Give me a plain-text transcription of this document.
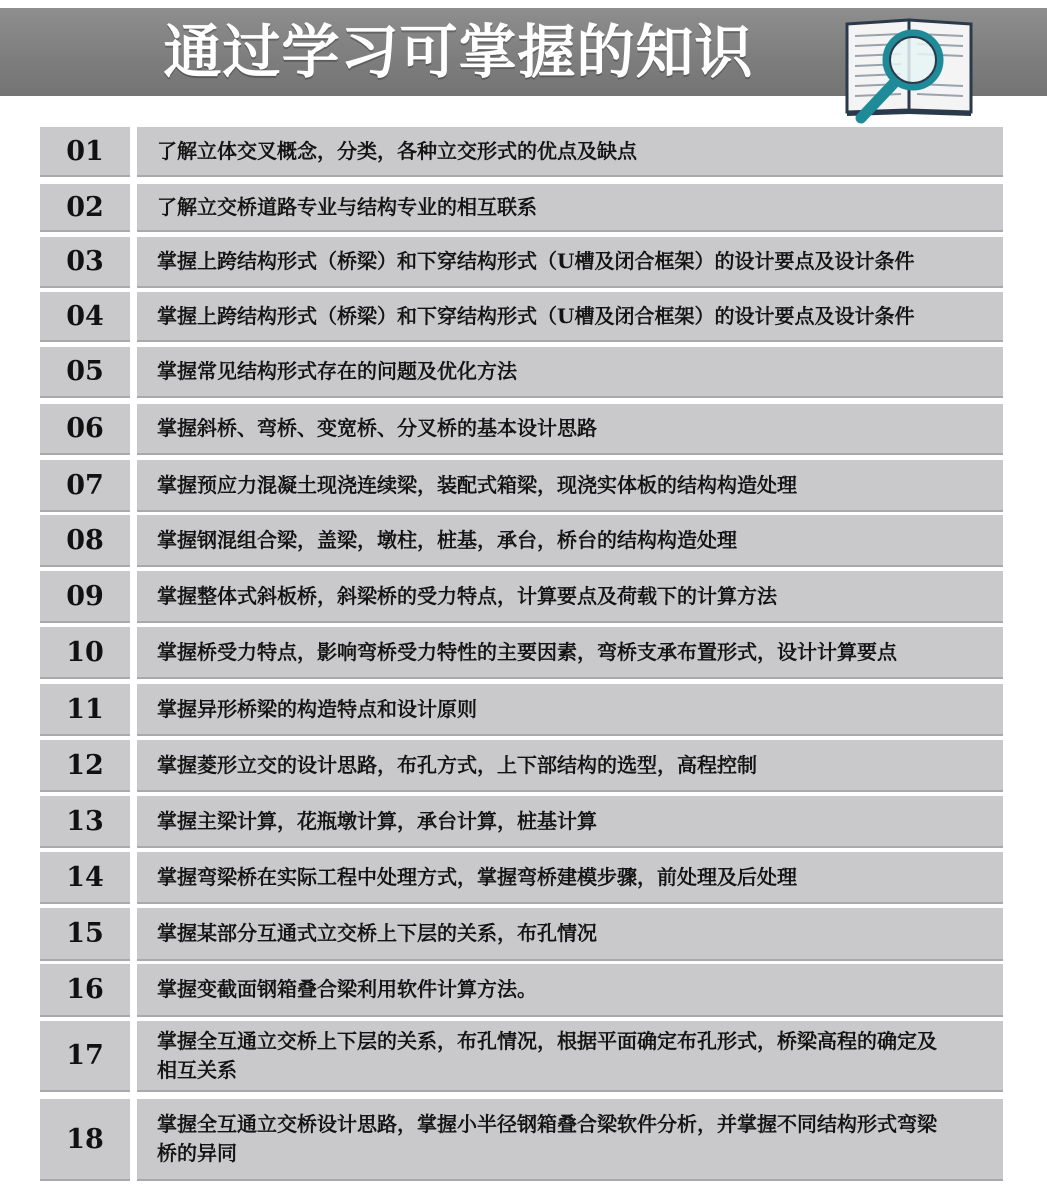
通过学习可掌握的知识
01	了解立体交叉概念，分类，各种立交形式的优点及缺点
02	了解立交桥道路专业与结构专业的相互联系
03	掌握上跨结构形式（桥梁）和下穿结构形式（U槽及闭合框架）的设计要点及设计条件
04	掌握上跨结构形式（桥梁）和下穿结构形式（U槽及闭合框架）的设计要点及设计条件
05	掌握常见结构形式存在的问题及优化方法
06	掌握斜桥、弯桥、变宽桥、分叉桥的基本设计思路
07	掌握预应力混凝土现浇连续梁，装配式箱梁，现浇实体板的结构构造处理
08	掌握钢混组合梁，盖梁，墩柱，桩基，承台，桥台的结构构造处理
09	掌握整体式斜板桥，斜梁桥的受力特点，计算要点及荷载下的计算方法
10	掌握桥受力特点，影响弯桥受力特性的主要因素，弯桥支承布置形式，设计计算要点
11	掌握异形桥梁的构造特点和设计原则
12	掌握菱形立交的设计思路，布孔方式，上下部结构的选型，高程控制
13	掌握主梁计算，花瓶墩计算，承台计算，桩基计算
14	掌握弯梁桥在实际工程中处理方式，掌握弯桥建模步骤，前处理及后处理
15	掌握某部分互通式立交桥上下层的关系，布孔情况
16	掌握变截面钢箱叠合梁利用软件计算方法。
17	掌握全互通立交桥上下层的关系，布孔情况，根据平面确定布孔形式，桥梁高程的确定及相互关系
18	掌握全互通立交桥设计思路，掌握小半径钢箱叠合梁软件分析，并掌握不同结构形式弯梁桥的异同
